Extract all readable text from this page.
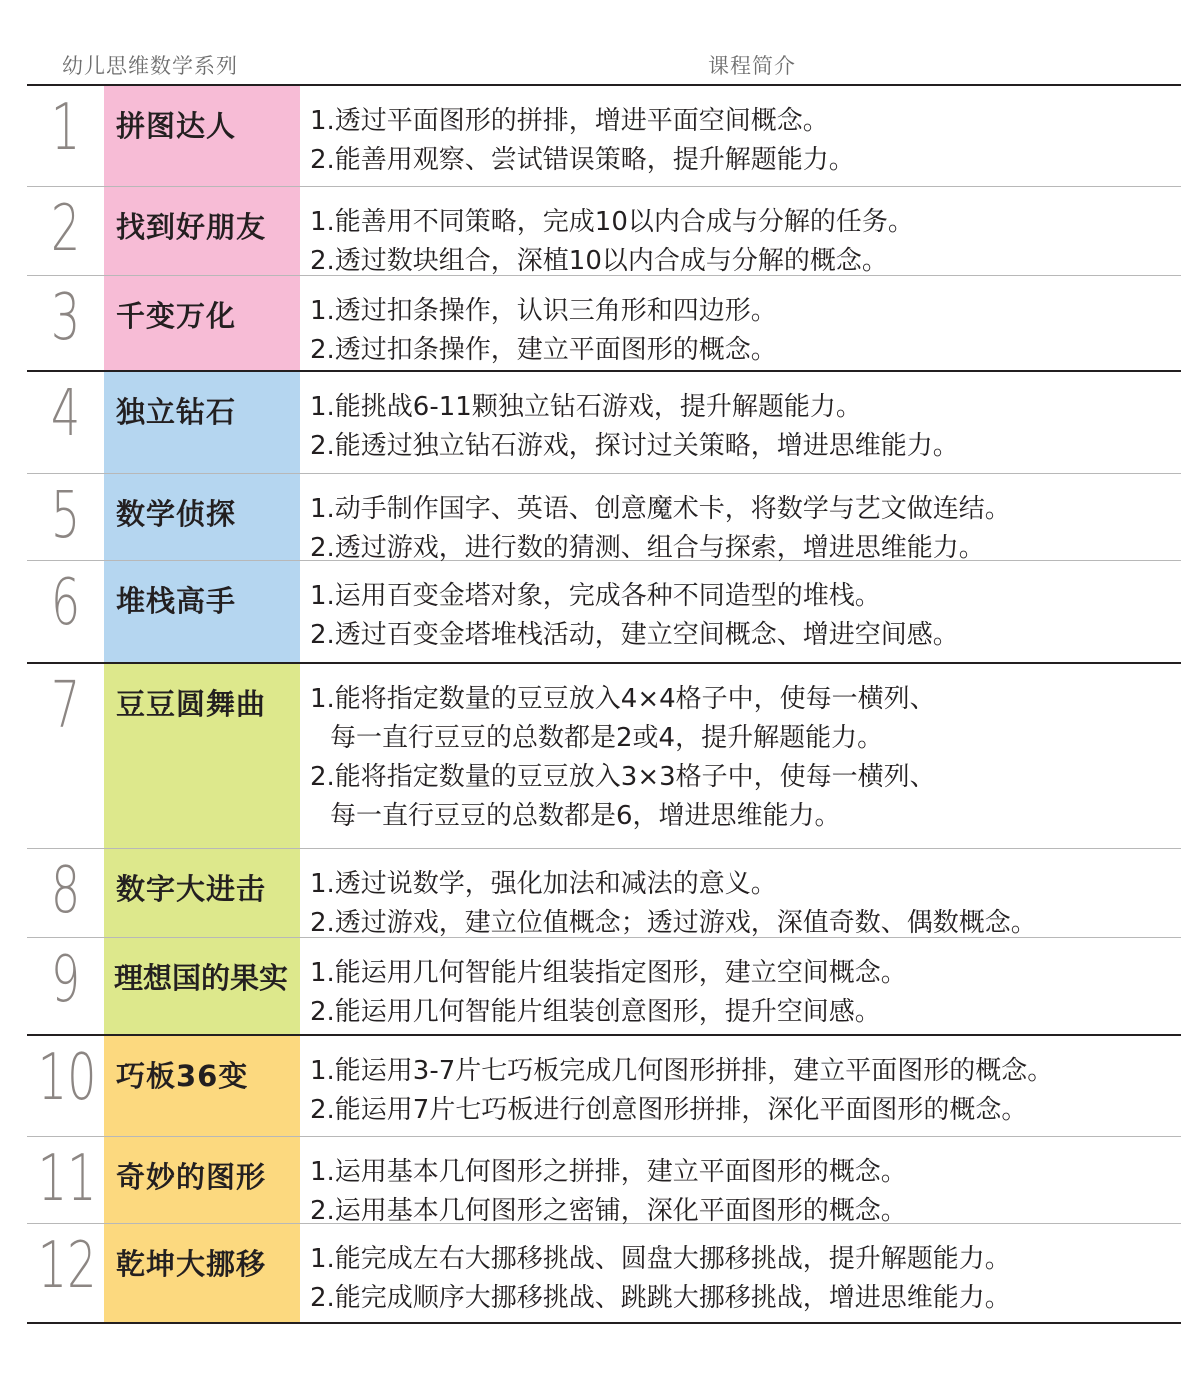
幼儿思维数学系列	课程简介
1	拼图达人	1.透过平面图形的拼排，增进平面空间概念。
2.能善用观察、尝试错误策略，提升解题能力。
2	找到好朋友 1.能善用不同策略，完成10以内合成与分解的任务。
2.透过数块组合，深植10以内合成与分解的概念。
3	千变万化	1.透过扣条操作，认识三角形和四边形。
2.透过扣条操作，建立平面图形的概念。
4	独立钻石	1.能挑战6-11颗独立钻石游戏，提升解题能力。
2.能透过独立钻石游戏，探讨过关策略，增进思维能力。
5	数学侦探	1.动手制作国字、英语、创意魔术卡，将数学与艺文做连结。
2.透过游戏，进行数的猜测、组合与探索，增进思维能力。
6	堆栈高手	1.运用百变金塔对象，完成各种不同造型的堆栈。
2.透过百变金塔堆栈活动，建立空间概念、增进空间感。
7	豆豆圆舞曲 1.能将指定数量的豆豆放入4×4格子中，使每一横列、
每一直行豆豆的总数都是2或4，提升解题能力。
2.能将指定数量的豆豆放入3×3格子中，使每一横列、
每一直行豆豆的总数都是6，增进思维能力。
8	数字大进击 1.透过说数学，强化加法和减法的意义。
2.透过游戏，建立位值概念；透过游戏，深值奇数、偶数概念。
9	理想国的果实 1.能运用几何智能片组装指定图形，建立空间概念。
2.能运用几何智能片组装创意图形，提升空间感。
10 巧板36变 1.能运用3-7片七巧板完成几何图形拼排，建立平面图形的概念。
2.能运用7片七巧板进行创意图形拼排，深化平面图形的概念。
11 奇妙的图形 1.运用基本几何图形之拼排，建立平面图形的概念。
2.运用基本几何图形之密铺，深化平面图形的概念。
12 乾坤大挪移 1.能完成左右大挪移挑战、圆盘大挪移挑战，提升解题能力。
2.能完成顺序大挪移挑战、跳跳大挪移挑战，增进思维能力。
